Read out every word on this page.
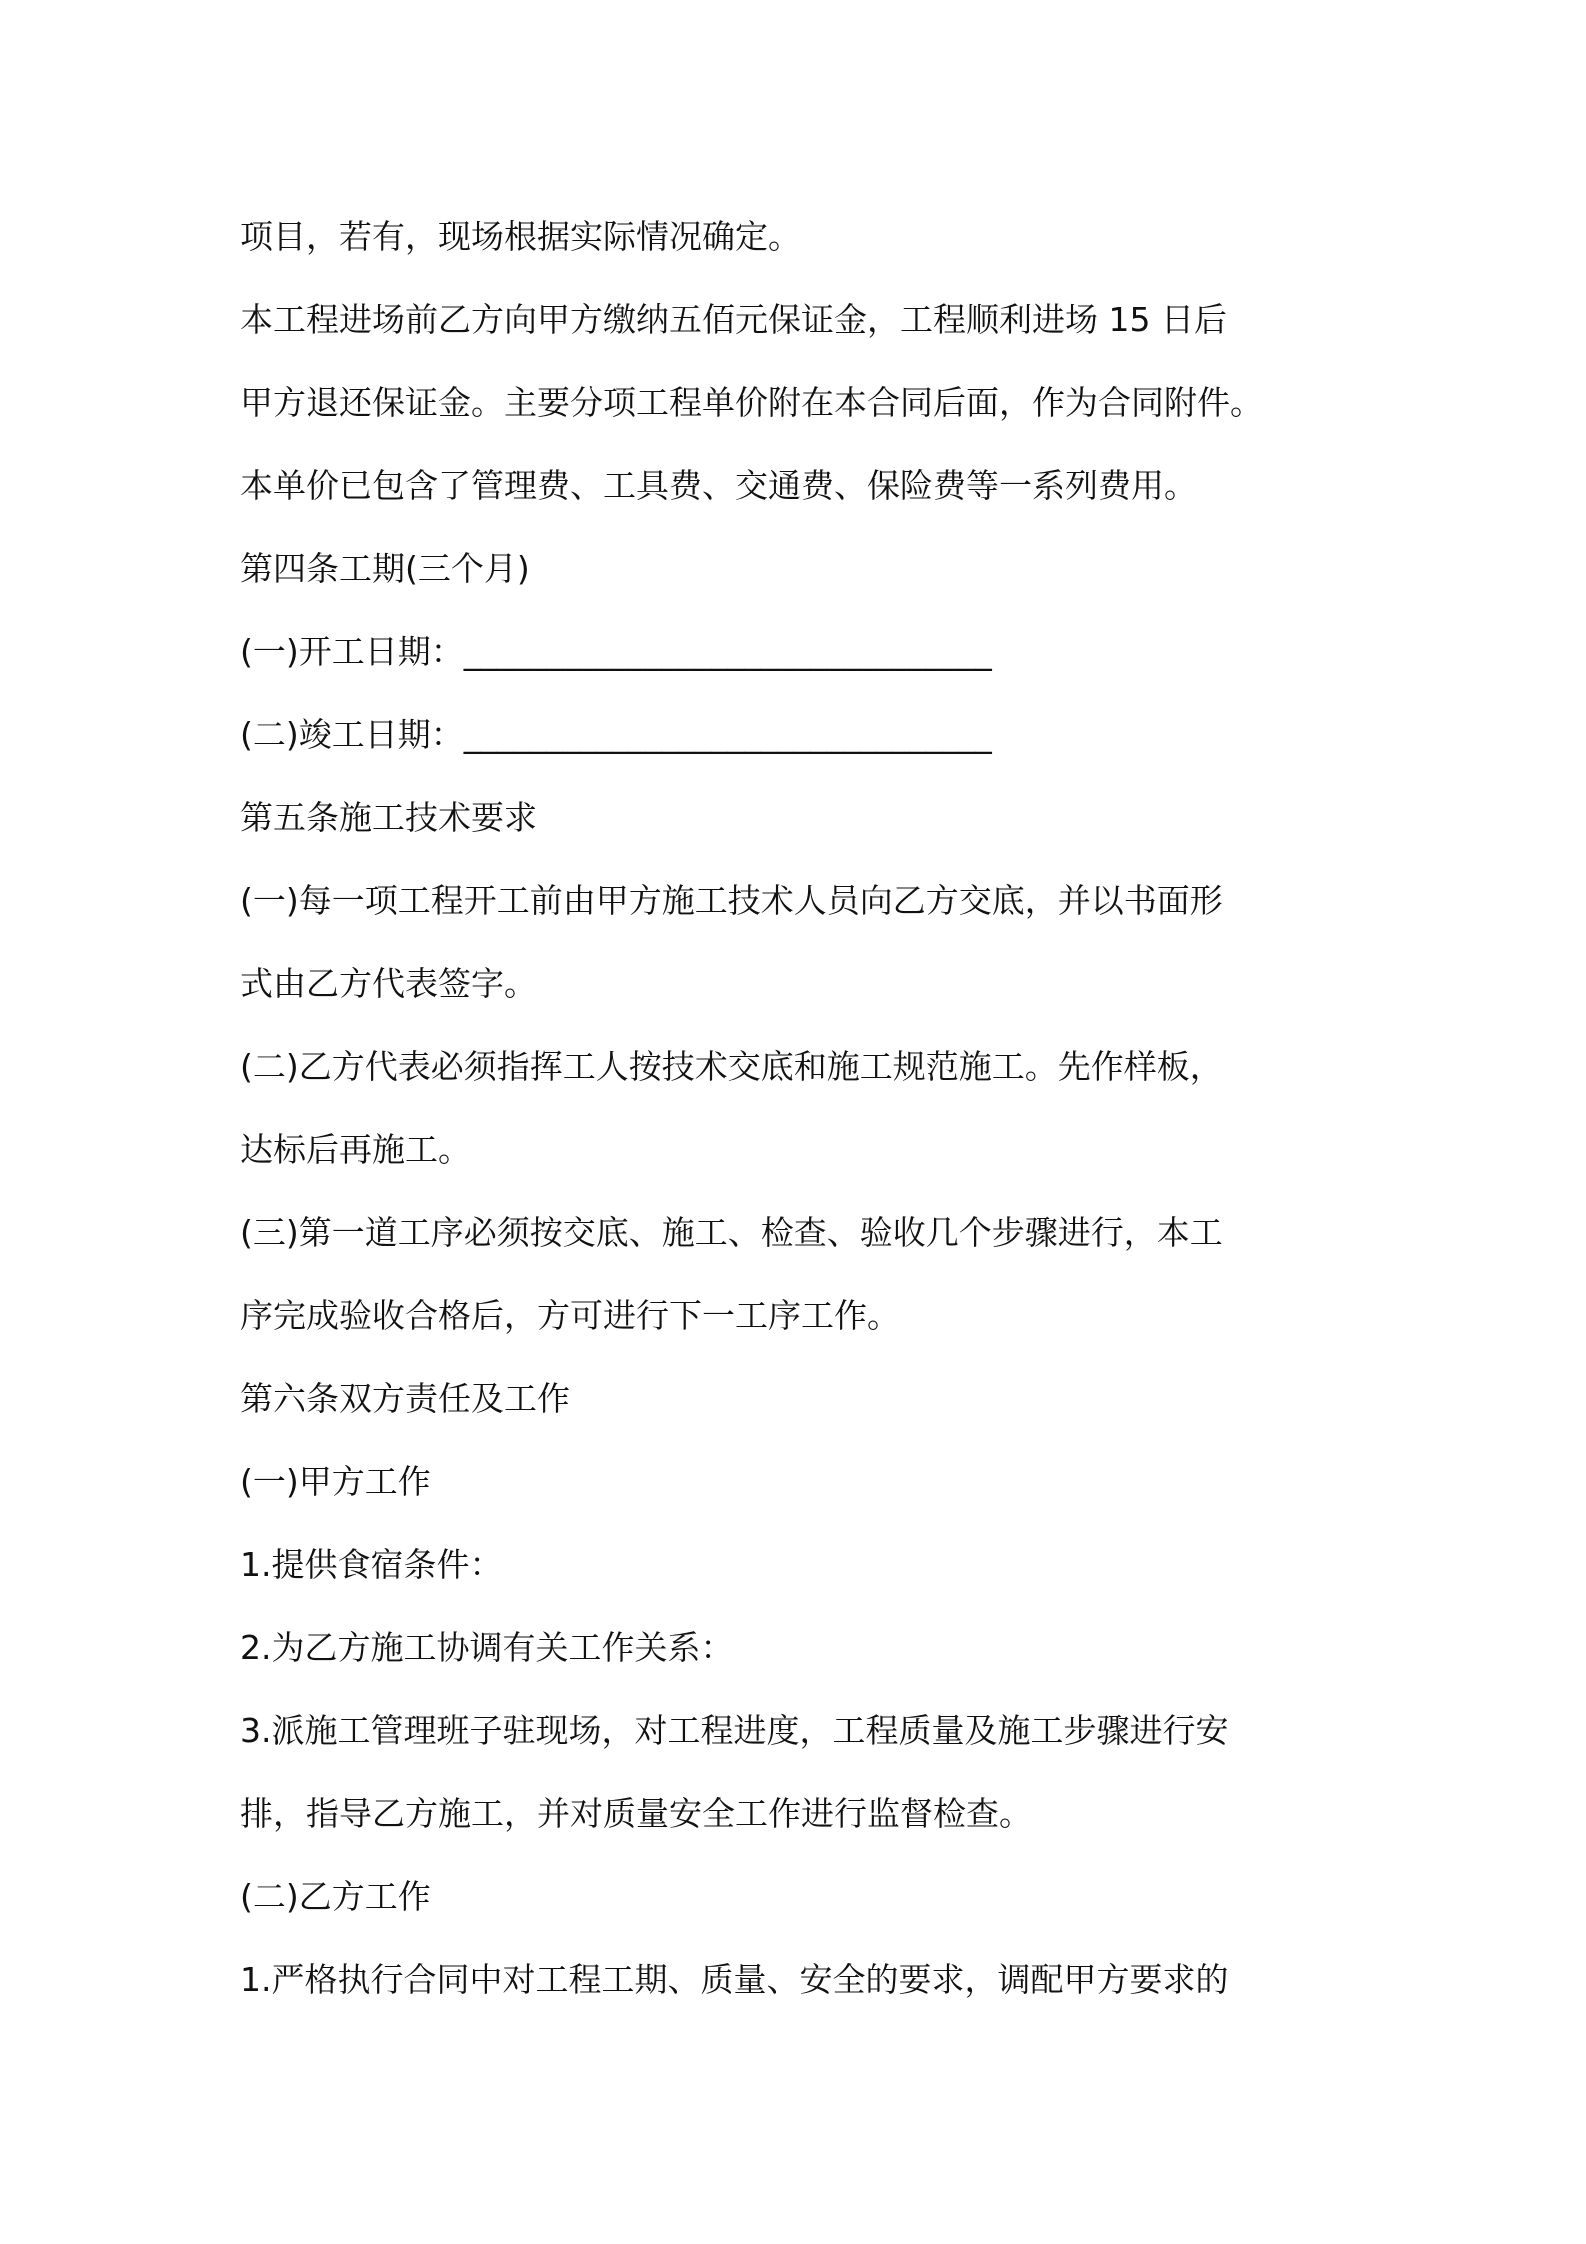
项目，若有，现场根据实际情况确定。
本工程进场前乙方向甲方缴纳五佰元保证金，工程顺利进场 15 日后
甲方退还保证金。主要分项工程单价附在本合同后面，作为合同附件。
本单价已包含了管理费、工具费、交通费、保险费等一系列费用。
第四条工期(三个月)
(一)开工日期：________________________________
(二)竣工日期：________________________________
第五条施工技术要求
(一)每一项工程开工前由甲方施工技术人员向乙方交底，并以书面形
式由乙方代表签字。
(二)乙方代表必须指挥工人按技术交底和施工规范施工。先作样板，
达标后再施工。
(三)第一道工序必须按交底、施工、检查、验收几个步骤进行，本工
序完成验收合格后，方可进行下一工序工作。
第六条双方责任及工作
(一)甲方工作
1.提供食宿条件：
2.为乙方施工协调有关工作关系：
3.派施工管理班子驻现场，对工程进度，工程质量及施工步骤进行安
排，指导乙方施工，并对质量安全工作进行监督检查。
(二)乙方工作
1.严格执行合同中对工程工期、质量、安全的要求，调配甲方要求的
